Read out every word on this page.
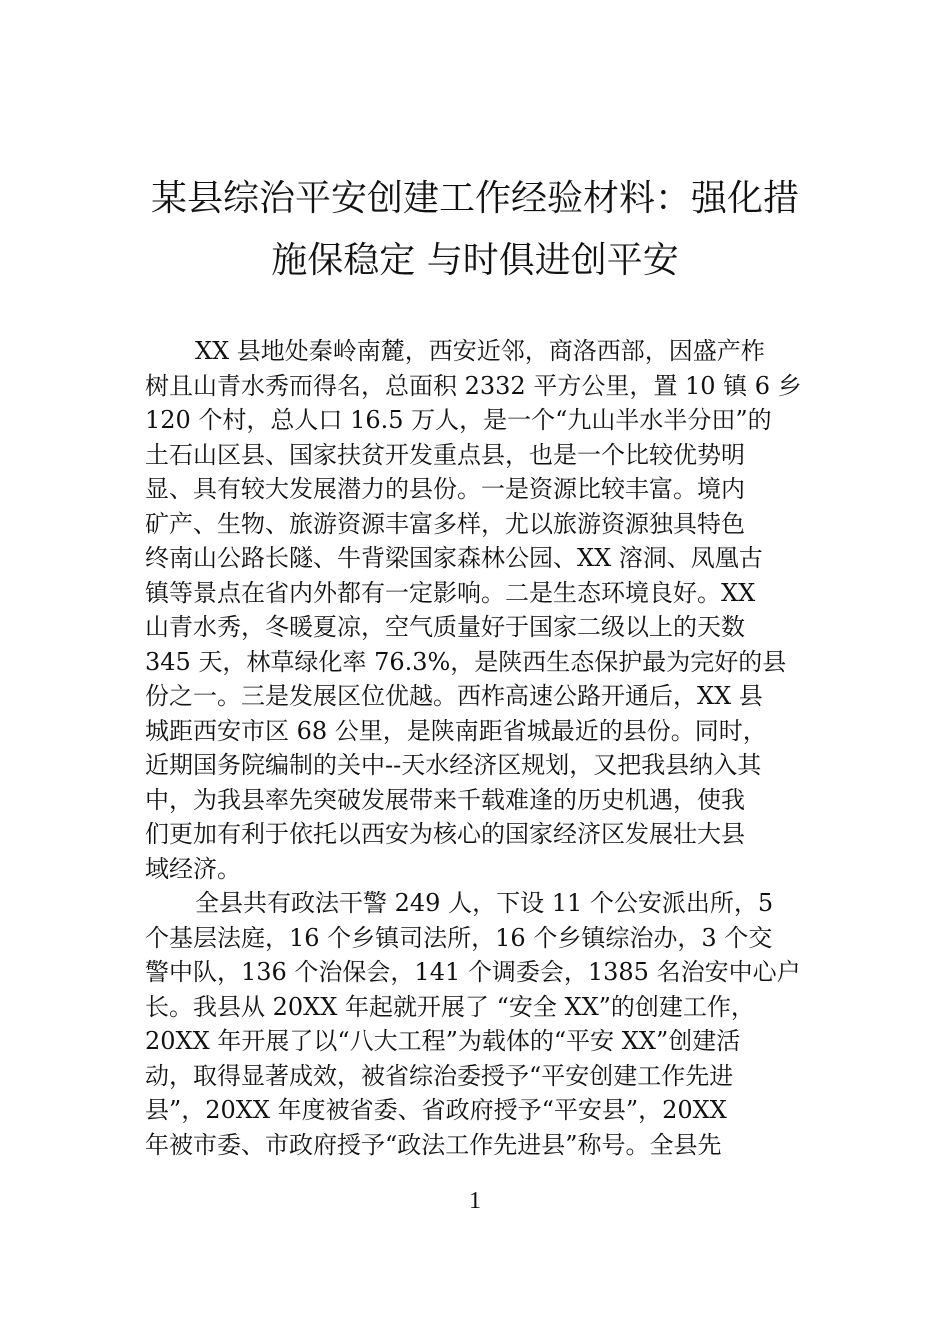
某县综治平安创建工作经验材料：强化措
施保稳定 与时俱进创平安
XX 县地处秦岭南麓，西安近邻，商洛西部，因盛产柞
树且山青水秀而得名，总面积 2332 平方公里，置 10 镇 6 乡
120 个村，总人口 16.5 万人，是一个“九山半水半分田”的
土石山区县、国家扶贫开发重点县，也是一个比较优势明
显、具有较大发展潜力的县份。一是资源比较丰富。境内
矿产、生物、旅游资源丰富多样，尤以旅游资源独具特色
终南山公路长隧、牛背梁国家森林公园、XX 溶洞、凤凰古
镇等景点在省内外都有一定影响。二是生态环境良好。XX
山青水秀，冬暖夏凉，空气质量好于国家二级以上的天数
345 天，林草绿化率 76.3%，是陕西生态保护最为完好的县
份之一。三是发展区位优越。西柞高速公路开通后，XX 县
城距西安市区 68 公里，是陕南距省城最近的县份。同时，
近期国务院编制的关中--天水经济区规划，又把我县纳入其
中，为我县率先突破发展带来千载难逢的历史机遇，使我
们更加有利于依托以西安为核心的国家经济区发展壮大县
域经济。
全县共有政法干警 249 人，下设 11 个公安派出所，5
个基层法庭，16 个乡镇司法所，16 个乡镇综治办，3 个交
警中队，136 个治保会，141 个调委会，1385 名治安中心户
长。我县从 20XX 年起就开展了 “安全 XX”的创建工作，
20XX 年开展了以“八大工程”为载体的“平安 XX”创建活
动，取得显著成效，被省综治委授予“平安创建工作先进
县”，20XX 年度被省委、省政府授予“平安县”，20XX
年被市委、市政府授予“政法工作先进县”称号。全县先
1
